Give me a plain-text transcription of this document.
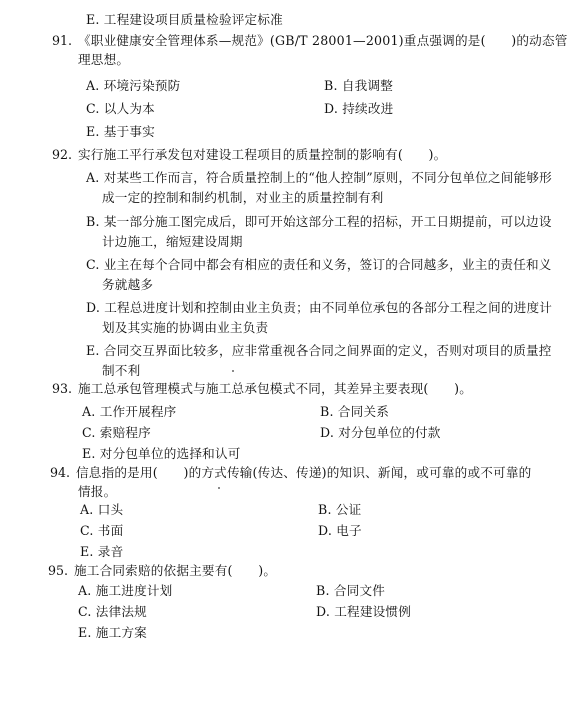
E. 工程建设项目质量检验评定标准
91. 《职业健康安全管理体系—规范》(GB/T 28001—2001)重点强调的是(　　)的动态管
理思想。
A. 环境污染预防	B. 自我调整
C. 以人为本	D. 持续改进
E. 基于事实
92. 实行施工平行承发包对建设工程项目的质量控制的影响有(　　)。
A. 对某些工作而言，符合质量控制上的“他人控制”原则，不同分包单位之间能够形
成一定的控制和制约机制，对业主的质量控制有利
B. 某一部分施工图完成后，即可开始这部分工程的招标，开工日期提前，可以边设
计边施工，缩短建设周期
C. 业主在每个合同中都会有相应的责任和义务，签订的合同越多，业主的责任和义
务就越多
D. 工程总进度计划和控制由业主负责；由不同单位承包的各部分工程之间的进度计
划及其实施的协调由业主负责
E. 合同交互界面比较多，应非常重视各合同之间界面的定义，否则对项目的质量控
制不利
93. 施工总承包管理模式与施工总承包模式不同，其差异主要表现(　　)。
A. 工作开展程序	B. 合同关系
C. 索赔程序	D. 对分包单位的付款
E. 对分包单位的选择和认可
94. 信息指的是用(　　)的方式传输(传达、传递)的知识、新闻，或可靠的或不可靠的
情报。
A. 口头	B. 公证
C. 书面	D. 电子
E. 录音
95. 施工合同索赔的依据主要有(　　)。
A. 施工进度计划	B. 合同文件
C. 法律法规	D. 工程建设惯例
E. 施工方案
